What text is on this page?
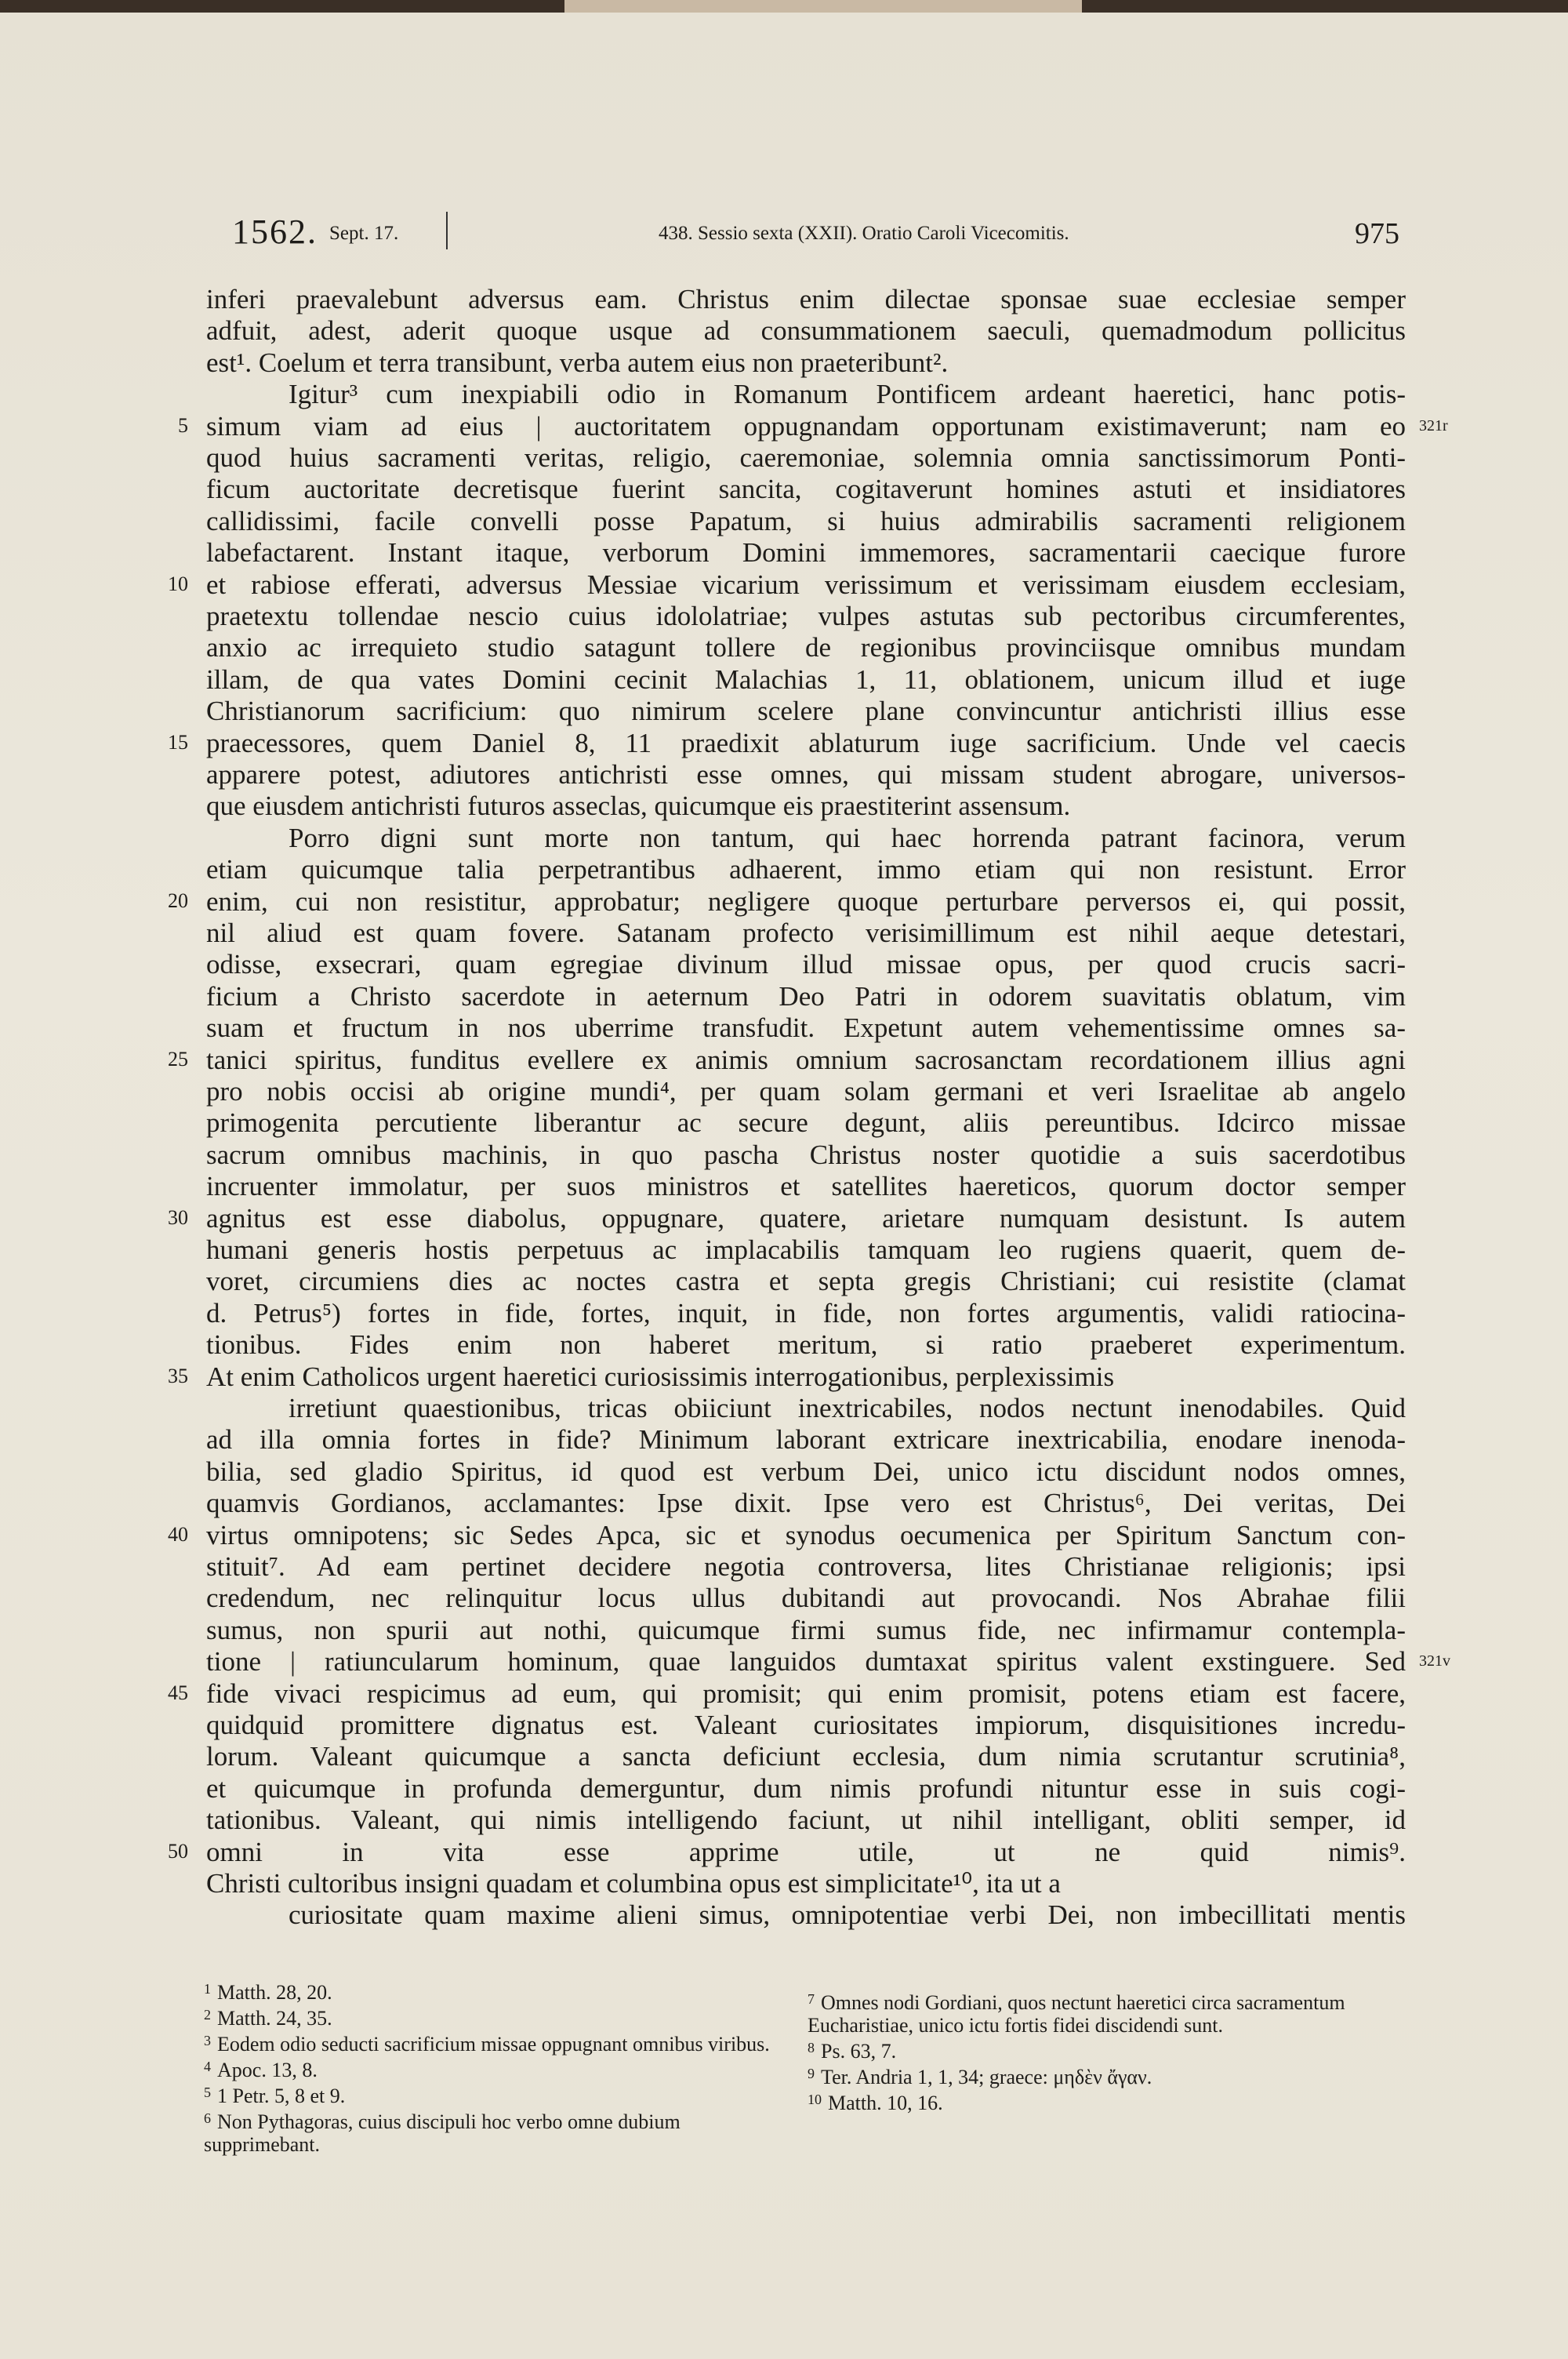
1562. Sept. 17.	438. Sessio sexta (XXII). Oratio Caroli Vicecomitis.	975
inferi praevalebunt adversus eam. Christus enim dilectae sponsae suae ecclesiae semper
adfuit, adest, aderit quoque usque ad consummationem saeculi, quemadmodum pollicitus
est¹. Coelum et terra transibunt, verba autem eius non praeteribunt².
Igitur³ cum inexpiabili odio in Romanum Pontificem ardeant haeretici, hanc potis-
simum viam ad eius | auctoritatem oppugnandam opportunam existimaverunt; nam eo
quod huius sacramenti veritas, religio, caeremoniae, solemnia omnia sanctissimorum Ponti-
ficum auctoritate decretisque fuerint sancita, cogitaverunt homines astuti et insidiatores
callidissimi, facile convelli posse Papatum, si huius admirabilis sacramenti religionem
labefactarent. Instant itaque, verborum Domini immemores, sacramentarii caecique furore
et rabiose efferati, adversus Messiae vicarium verissimum et verissimam eiusdem ecclesiam,
praetextu tollendae nescio cuius idololatriae; vulpes astutas sub pectoribus circumferentes,
anxio ac irrequieto studio satagunt tollere de regionibus provinciisque omnibus mundam
illam, de qua vates Domini cecinit Malachias 1, 11, oblationem, unicum illud et iuge
Christianorum sacrificium: quo nimirum scelere plane convincuntur antichristi illius esse
praecessores, quem Daniel 8, 11 praedixit ablaturum iuge sacrificium. Unde vel caecis
apparere potest, adiutores antichristi esse omnes, qui missam student abrogare, universos-
que eiusdem antichristi futuros asseclas, quicumque eis praestiterint assensum.
Porro digni sunt morte non tantum, qui haec horrenda patrant facinora, verum
etiam quicumque talia perpetrantibus adhaerent, immo etiam qui non resistunt. Error
enim, cui non resistitur, approbatur; negligere quoque perturbare perversos ei, qui possit,
nil aliud est quam fovere. Satanam profecto verisimillimum est nihil aeque detestari,
odisse, exsecrari, quam egregiae divinum illud missae opus, per quod crucis sacri-
ficium a Christo sacerdote in aeternum Deo Patri in odorem suavitatis oblatum, vim
suam et fructum in nos uberrime transfudit. Expetunt autem vehementissime omnes sa-
tanici spiritus, funditus evellere ex animis omnium sacrosanctam recordationem illius agni
pro nobis occisi ab origine mundi⁴, per quam solam germani et veri Israelitae ab angelo
primogenita percutiente liberantur ac secure degunt, aliis pereuntibus. Idcirco missae
sacrum omnibus machinis, in quo pascha Christus noster quotidie a suis sacerdotibus
incruenter immolatur, per suos ministros et satellites haereticos, quorum doctor semper
agnitus est esse diabolus, oppugnare, quatere, arietare numquam desistunt. Is autem
humani generis hostis perpetuus ac implacabilis tamquam leo rugiens quaerit, quem de-
voret, circumiens dies ac noctes castra et septa gregis Christiani; cui resistite (clamat
d. Petrus⁵) fortes in fide, fortes, inquit, in fide, non fortes argumentis, validi ratiocina-
tionibus. Fides enim non haberet meritum, si ratio praeberet experimentum.
At enim Catholicos urgent haeretici curiosissimis interrogationibus, perplexissimis
irretiunt quaestionibus, tricas obiiciunt inextricabiles, nodos nectunt inenodabiles. Quid
ad illa omnia fortes in fide? Minimum laborant extricare inextricabilia, enodare inenoda-
bilia, sed gladio Spiritus, id quod est verbum Dei, unico ictu discidunt nodos omnes,
quamvis Gordianos, acclamantes: Ipse dixit. Ipse vero est Christus⁶, Dei veritas, Dei
virtus omnipotens; sic Sedes Apca, sic et synodus oecumenica per Spiritum Sanctum con-
stituit⁷. Ad eam pertinet decidere negotia controversa, lites Christianae religionis; ipsi
credendum, nec relinquitur locus ullus dubitandi aut provocandi. Nos Abrahae filii
sumus, non spurii aut nothi, quicumque firmi sumus fide, nec infirmamur contempla-
tione | ratiuncularum hominum, quae languidos dumtaxat spiritus valent exstinguere. Sed
fide vivaci respicimus ad eum, qui promisit; qui enim promisit, potens etiam est facere,
quidquid promittere dignatus est. Valeant curiositates impiorum, disquisitiones incredu-
lorum. Valeant quicumque a sancta deficiunt ecclesia, dum nimia scrutantur scrutinia⁸,
et quicumque in profunda demerguntur, dum nimis profundi nituntur esse in suis cogi-
tationibus. Valeant, qui nimis intelligendo faciunt, ut nihil intelligant, obliti semper, id
omni in vita esse apprime utile, ut ne quid nimis⁹.
Christi cultoribus insigni quadam et columbina opus est simplicitate¹⁰, ita ut a
curiositate quam maxime alieni simus, omnipotentiae verbi Dei, non imbecillitati mentis
5
10
15
20
25
30
35
40
45
50
321r
321v
$^1$ Matth. 28, 20.
$^2$ Matth. 24, 35.
$^3$ Eodem odio seducti sacrificium missae oppugnant omnibus viribus.
$^4$ Apoc. 13, 8.
$^5$ 1 Petr. 5, 8 et 9.
$^6$ Non Pythagoras, cuius discipuli hoc verbo omne dubium supprimebant.
$^7$ Omnes nodi Gordiani, quos nectunt haeretici circa sacramentum Eucharistiae, unico ictu fortis fidei discidendi sunt.
$^8$ Ps. 63, 7.
$^9$ Ter. Andria 1, 1, 34; graece: μηδὲν ἄγαν.
$^{10}$ Matth. 10, 16.
